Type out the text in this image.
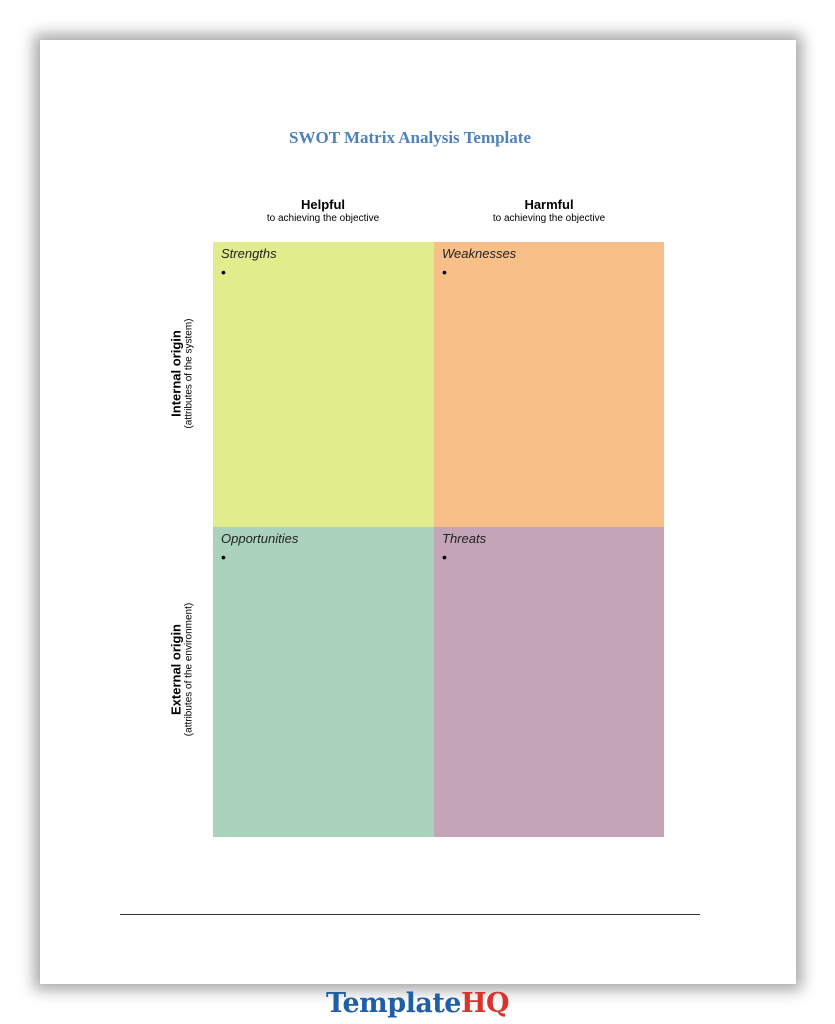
SWOT Matrix Analysis Template
Helpful
to achieving the objective
Harmful
to achieving the objective
Internal origin (attributes of the system)
External origin (attributes of the environment)
Strengths
•
Weaknesses
•
Opportunities
•
Threats
•
TemplateHQ
